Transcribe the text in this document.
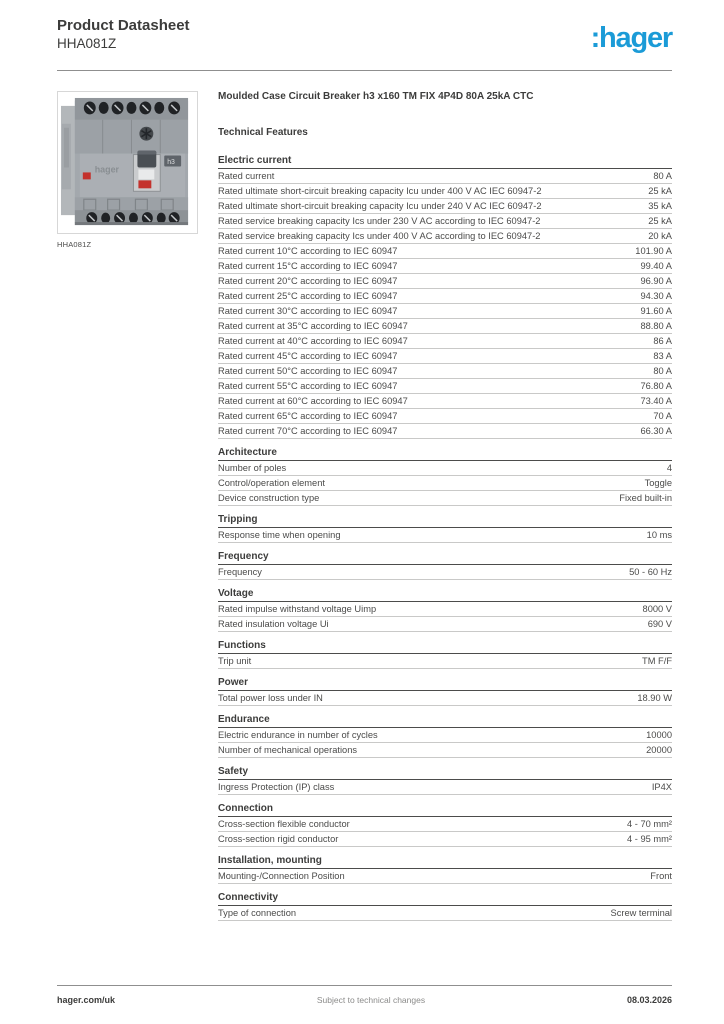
Product Datasheet
HHA081Z	:hager
hager
h3
HHA081Z
Moulded Case Circuit Breaker h3 x160 TM FIX 4P4D 80A 25kA CTC
Technical Features
Electric current
Rated current	80 A
Rated ultimate short-circuit breaking capacity Icu under 400 V AC IEC 60947-2	25 kA
Rated ultimate short-circuit breaking capacity Icu under 240 V AC IEC 60947-2	35 kA
Rated service breaking capacity Ics under 230 V AC according to IEC 60947-2	25 kA
Rated service breaking capacity Ics under 400 V AC according to IEC 60947-2	20 kA
Rated current 10°C according to IEC 60947	101.90 A
Rated current 15°C according to IEC 60947	99.40 A
Rated current 20°C according to IEC 60947	96.90 A
Rated current 25°C according to IEC 60947	94.30 A
Rated current 30°C according to IEC 60947	91.60 A
Rated current at 35°C according to IEC 60947	88.80 A
Rated current at 40°C according to IEC 60947	86 A
Rated current 45°C according to IEC 60947	83 A
Rated current 50°C according to IEC 60947	80 A
Rated current 55°C according to IEC 60947	76.80 A
Rated current at 60°C according to IEC 60947	73.40 A
Rated current 65°C according to IEC 60947	70 A
Rated current 70°C according to IEC 60947	66.30 A
Architecture
Number of poles	4
Control/operation element	Toggle
Device construction type	Fixed built-in
Tripping
Response time when opening	10 ms
Frequency
Frequency	50 - 60 Hz
Voltage
Rated impulse withstand voltage Uimp	8000 V
Rated insulation voltage Ui	690 V
Functions
Trip unit	TM F/F
Power
Total power loss under IN	18.90 W
Endurance
Electric endurance in number of cycles	10000
Number of mechanical operations	20000
Safety
Ingress Protection (IP) class	IP4X
Connection
Cross-section flexible conductor	4 - 70 mm²
Cross-section rigid conductor	4 - 95 mm²
Installation, mounting
Mounting-/Connection Position	Front
Connectivity
Type of connection	Screw terminal
hager.com/uk	Subject to technical changes	08.03.2026
